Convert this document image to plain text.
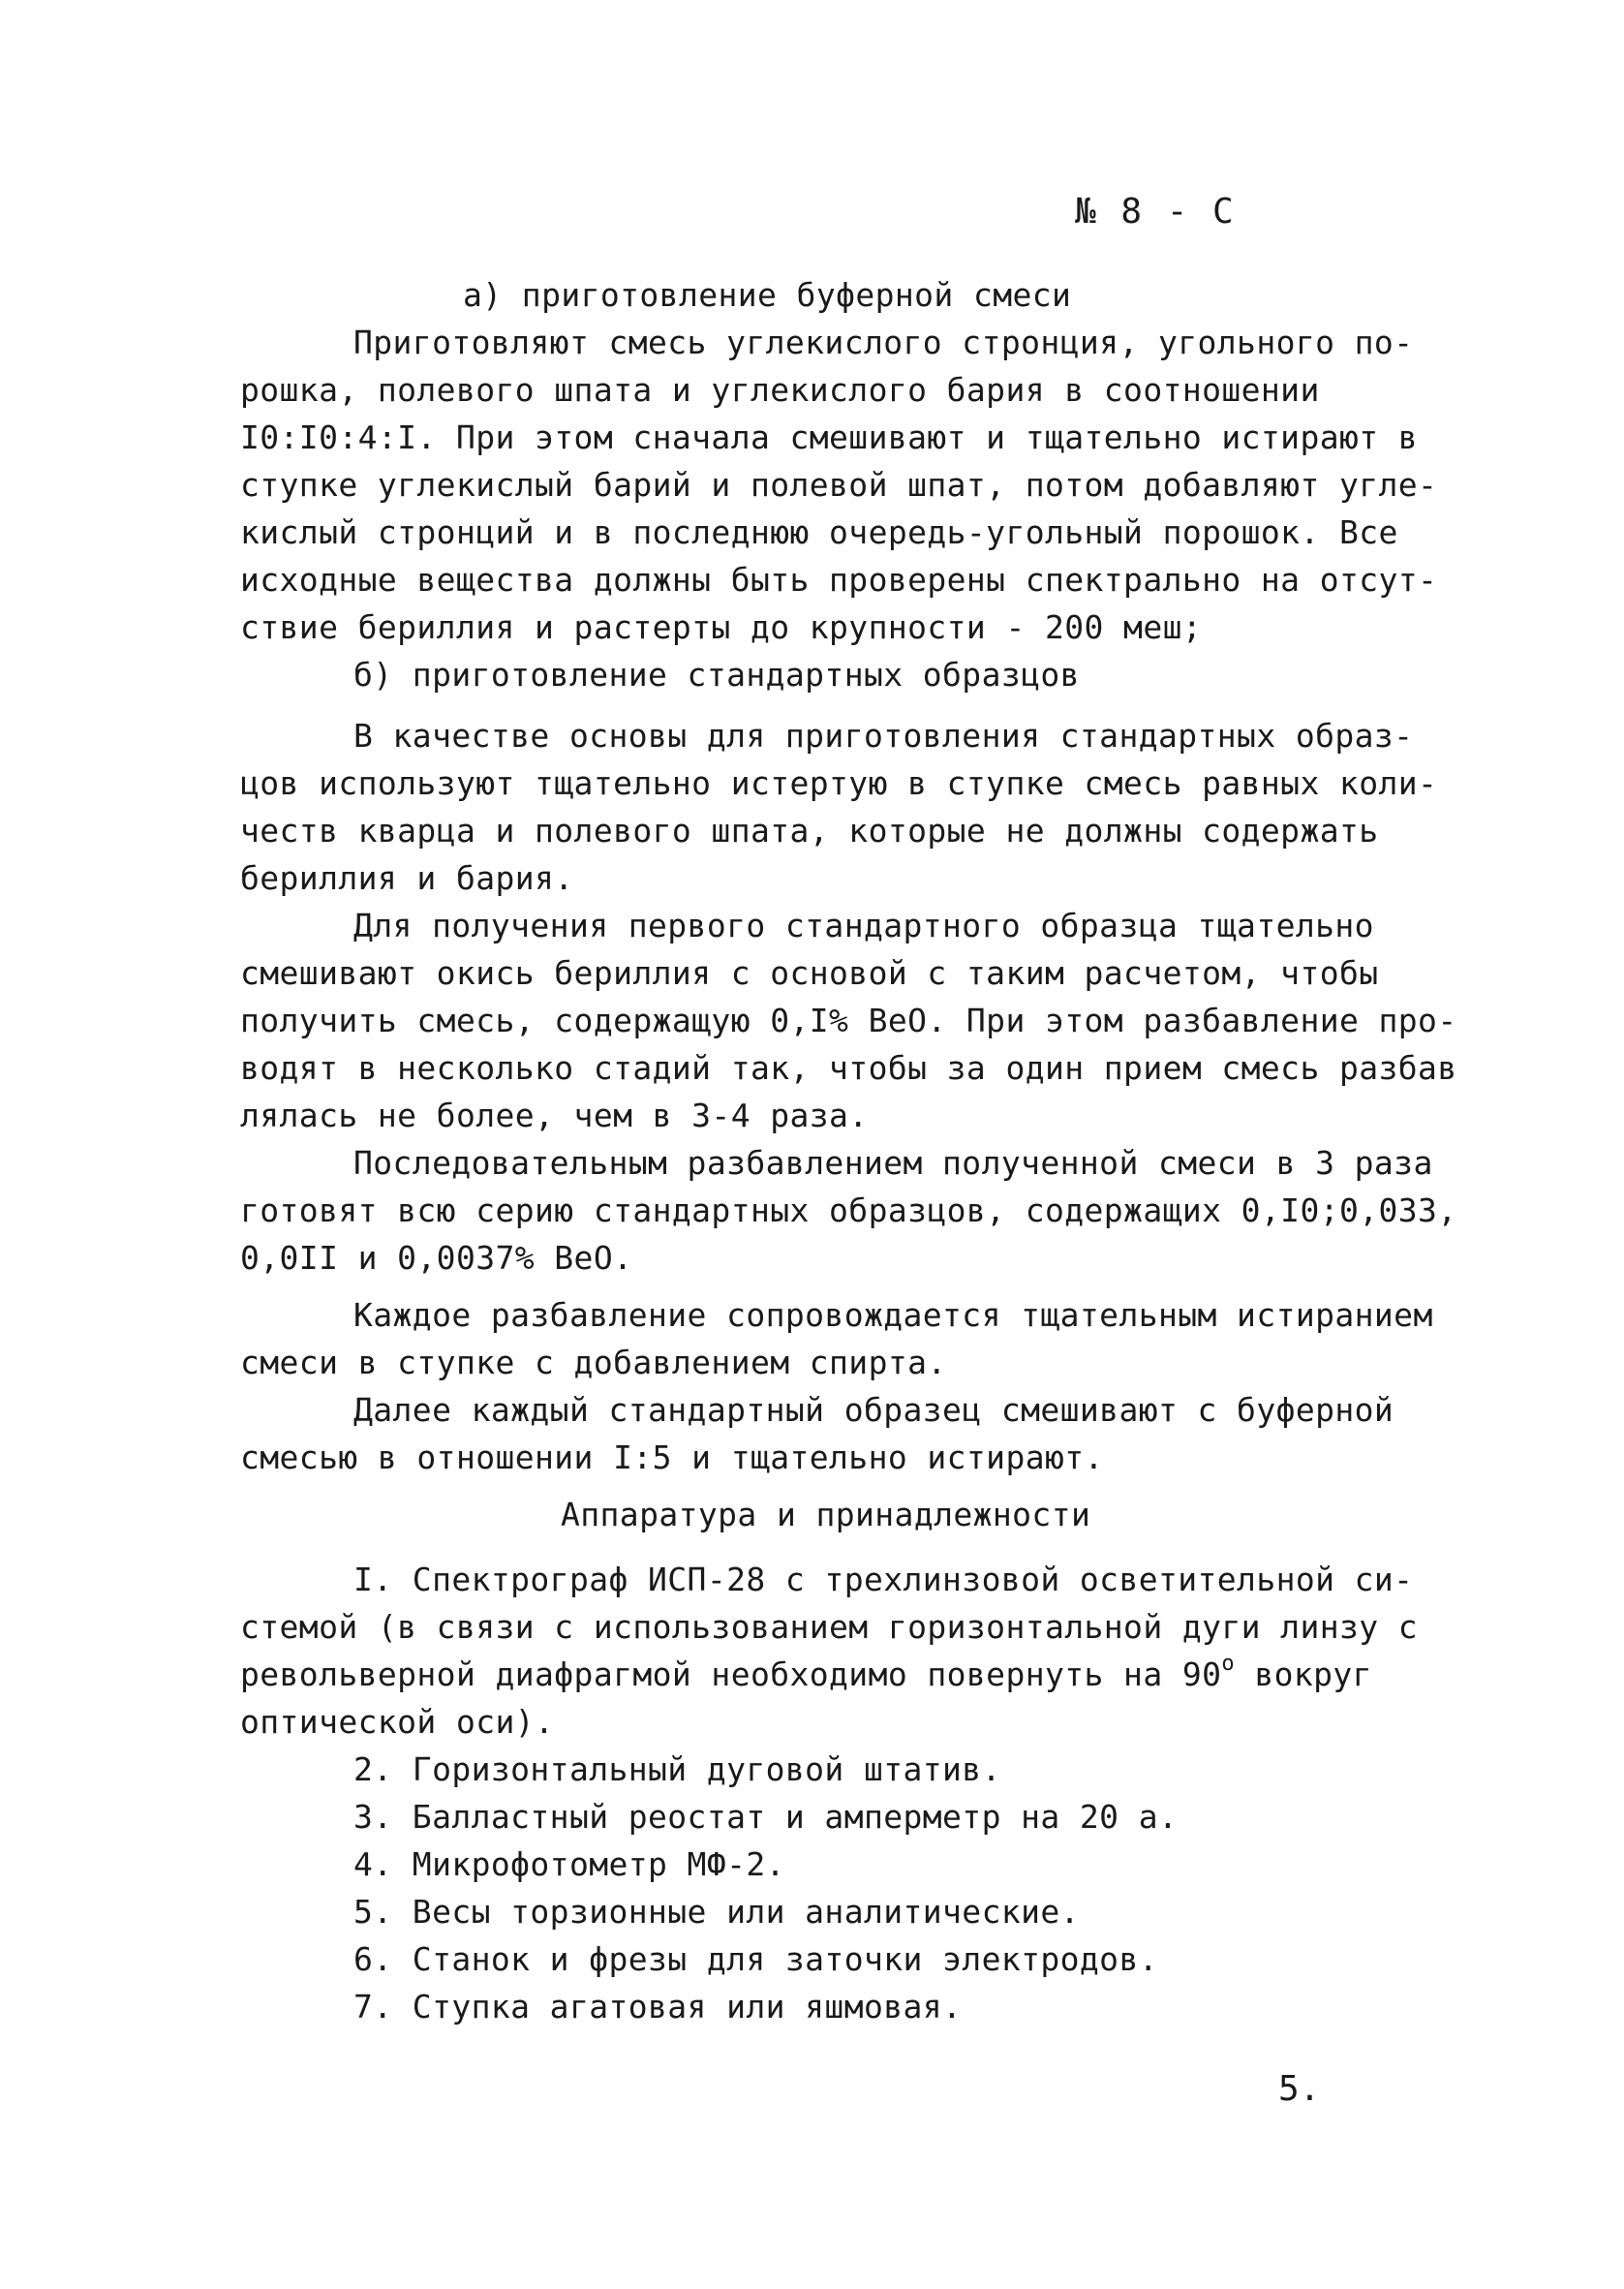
№ 8 - С
а) приготовление буферной смеси
Приготовляют смесь углекислого стронция, угольного по-
рошка, полевого шпата и углекислого бария в соотношении
I0:I0:4:I. При этом сначала смешивают и тщательно истирают в
ступке углекислый барий и полевой шпат, потом добавляют угле-
кислый стронций и в последнюю очередь-угольный порошок. Все
исходные вещества должны быть проверены спектрально на отсут-
ствие бериллия и растерты до крупности - 200 меш;
б) приготовление стандартных образцов
В качестве основы для приготовления стандартных образ-
цов используют тщательно истертую в ступке смесь равных коли-
честв кварца и полевого шпата, которые не должны содержать
бериллия и бария.
Для получения первого стандартного образца тщательно
смешивают окись бериллия с основой с таким расчетом, чтобы
получить смесь, содержащую 0,I% BeO. При этом разбавление про-
водят в несколько стадий так, чтобы за один прием смесь разбав
лялась не более, чем в 3-4 раза.
Последовательным разбавлением полученной смеси в 3 раза
готовят всю серию стандартных образцов, содержащих 0,I0;0,033,
0,0II и 0,0037% BeO.
Каждое разбавление сопровождается тщательным истиранием
смеси в ступке с добавлением спирта.
Далее каждый стандартный образец смешивают с буферной
смесью в отношении I:5 и тщательно истирают.
Аппаратура и принадлежности
I. Спектрограф ИСП-28 с трехлинзовой осветительной си-
стемой (в связи с использованием горизонтальной дуги линзу с
револьверной диафрагмой необходимо повернуть на $90^о$ вокруг
оптической оси).
2. Горизонтальный дуговой штатив.
3. Балластный реостат и амперметр на 20 а.
4. Микрофотометр МФ-2.
5. Весы торзионные или аналитические.
6. Станок и фрезы для заточки электродов.
7. Ступка агатовая или яшмовая.
5.
